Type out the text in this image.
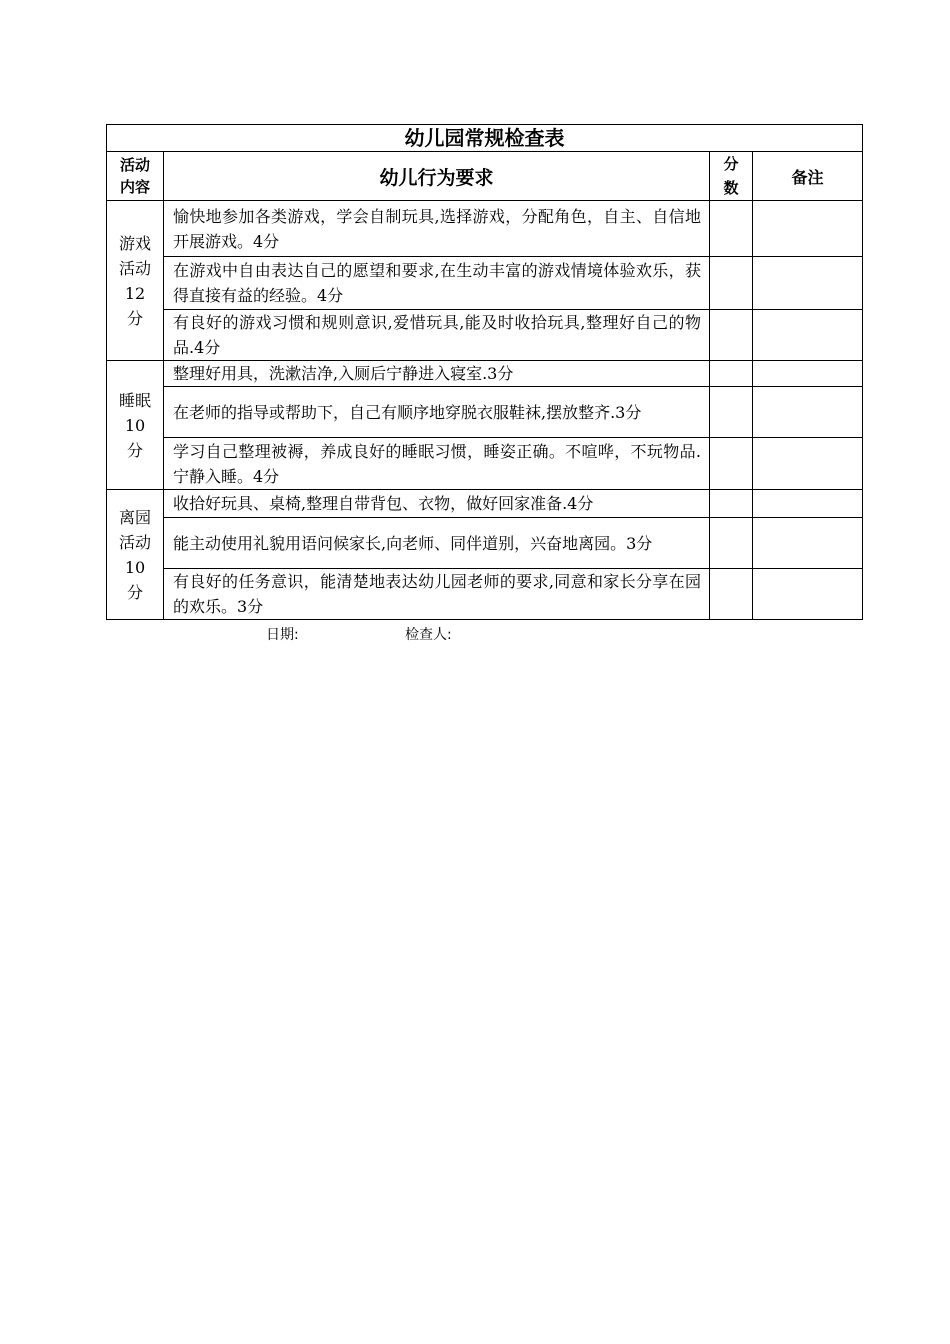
幼儿园常规检查表			

活动内容	幼儿行为要求	分数	备注

游戏活动12分	愉快地参加各类游戏，学会自制玩具,选择游戏，分配角色，自主、自信地开展游戏。4分		
	在游戏中自由表达自己的愿望和要求,在生动丰富的游戏情境体验欢乐，获得直接有益的经验。4分		
	有良好的游戏习惯和规则意识,爱惜玩具,能及时收拾玩具,整理好自己的物品.4分		

睡眠10分	整理好用具，洗漱洁净,入厕后宁静进入寝室.3分		
	在老师的指导或帮助下，自己有顺序地穿脱衣服鞋袜,摆放整齐.3分		
	学习自己整理被褥，养成良好的睡眠习惯，睡姿正确。不喧哗，不玩物品.宁静入睡。4分		

离园活动10分	收拾好玩具、桌椅,整理自带背包、衣物，做好回家准备.4分		
	能主动使用礼貌用语问候家长,向老师、同伴道别，兴奋地离园。3分		
	有良好的任务意识，能清楚地表达幼儿园老师的要求,同意和家长分享在园的欢乐。3分		
日期:	检查人:
